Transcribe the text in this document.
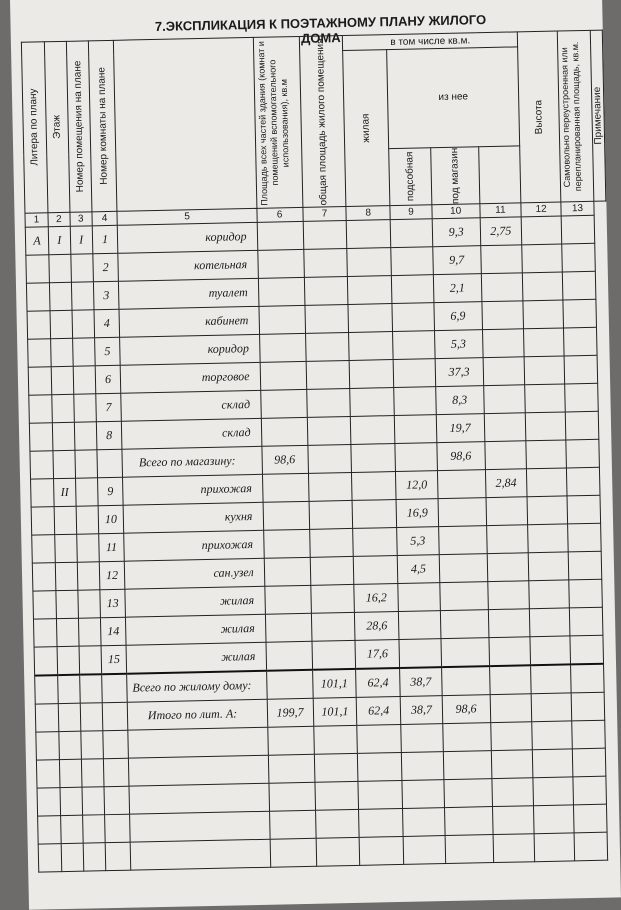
7.ЭКСПЛИКАЦИЯ К ПОЭТАЖНОМУ ПЛАНУ ЖИЛОГО ДОМА
Литера по плану	Этаж	Номер помещения на плане	Номер комнаты на плане		Площадь всех частей здания (комнат и помещений вспомогательного использования), кв.м	общая площадь жилого помещения	в том числе кв.м.				Высота	Самовольно переустроенная или перепланированная площадь, кв.м.	Примечание

							жилая	из нее					

								подсобная	под магазин				

1	2	3	4	5	6	7	8	9	10	11	12	13	
А	I	I	1	коридор					9,3	2,75			
			2	котельная					9,7				
			3	туалет					2,1				
			4	кабинет					6,9				
			5	коридор					5,3				
			6	торговое					37,3				
			7	склад					8,3				
			8	склад					19,7				
				Всего по магазину:	98,6				98,6				
	II		9	прихожая				12,0		2,84			
			10	кухня				16,9					
			11	прихожая				5,3					
			12	сан.узел				4,5					
			13	жилая			16,2						
			14	жилая			28,6						
			15	жилая			17,6						
				Всего по жилому дому:		101,1	62,4	38,7					
				Итого по лит. А:	199,7	101,1	62,4	38,7	98,6				
